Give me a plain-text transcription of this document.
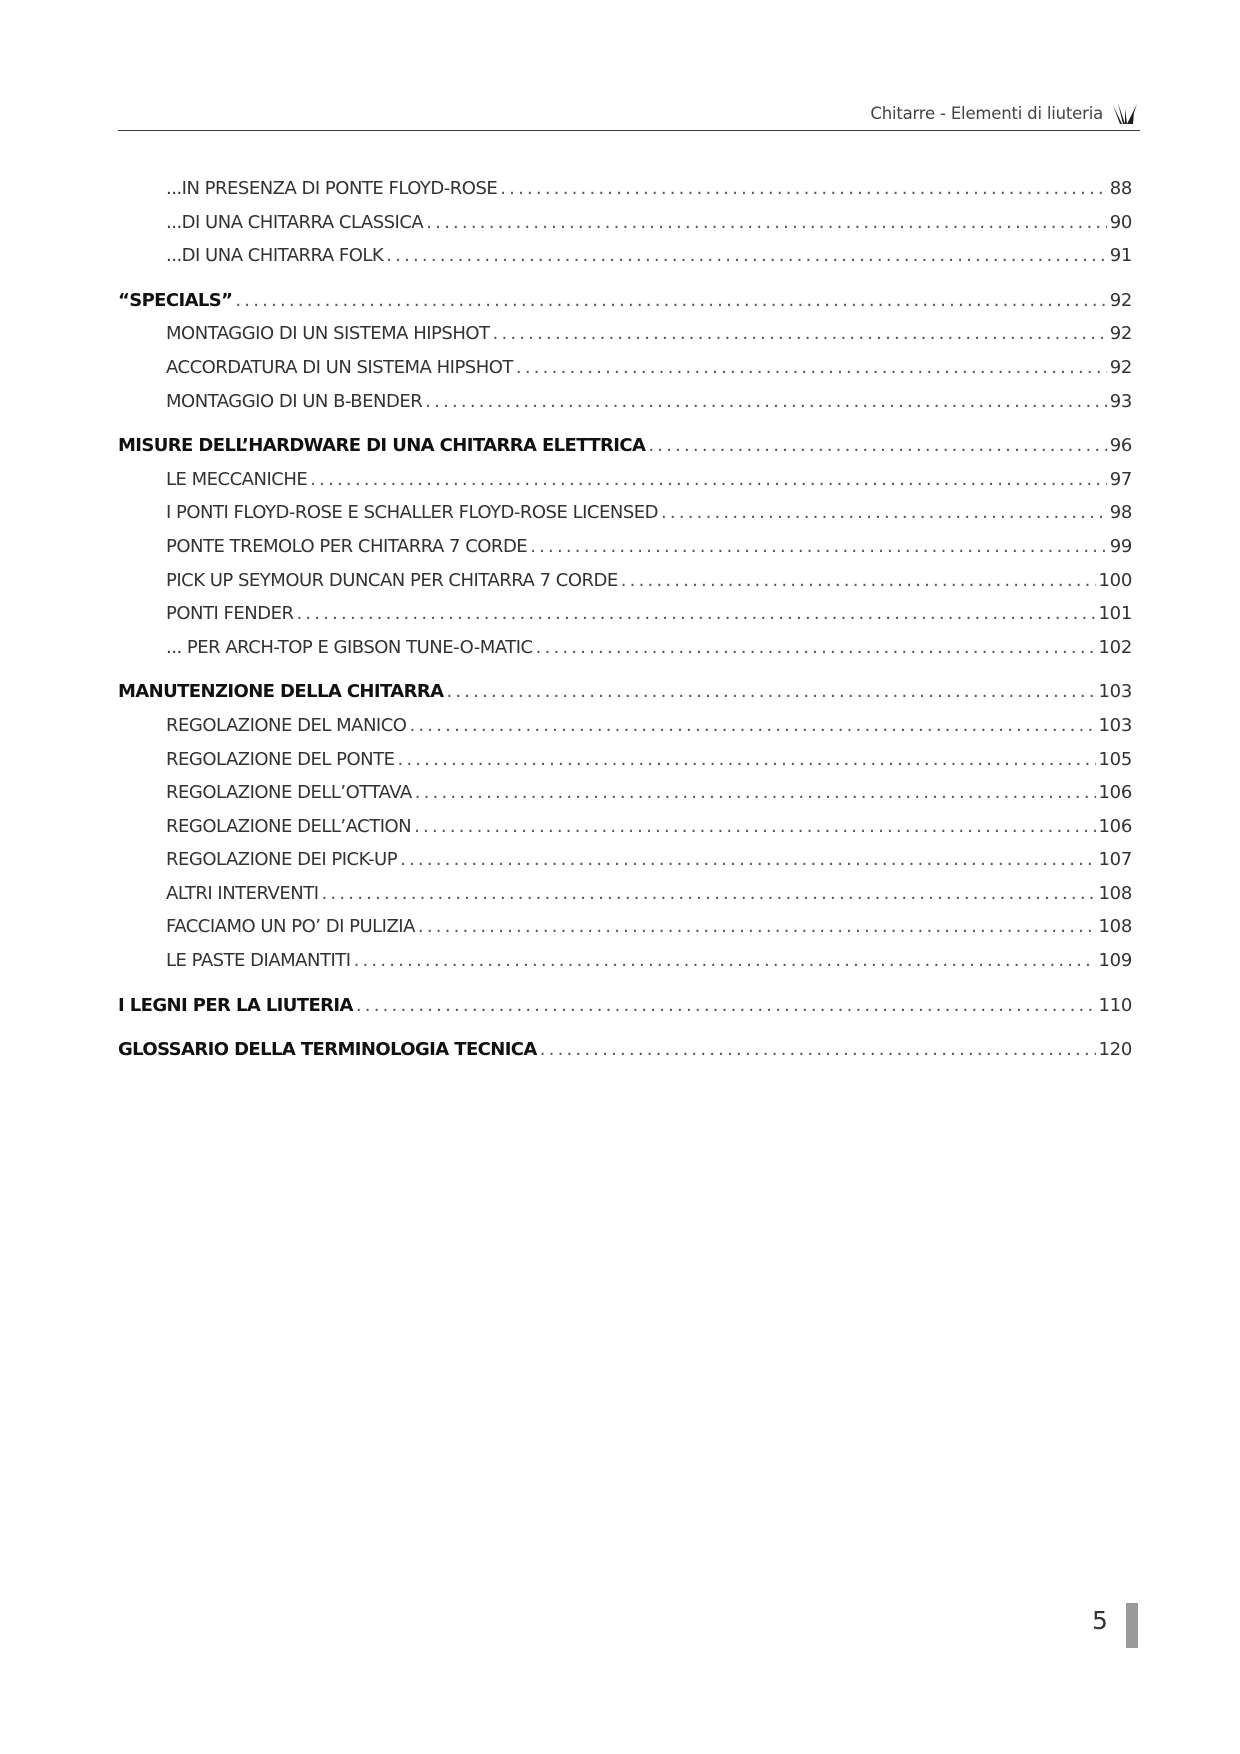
Chitarre - Elementi di liuteria
...IN PRESENZA DI PONTE FLOYD-ROSE .....	88
...DI UNA CHITARRA CLASSICA .....	90
...DI UNA CHITARRA FOLK .....	91
“SPECIALS” .....	92
MONTAGGIO DI UN SISTEMA HIPSHOT .....	92
ACCORDATURA DI UN SISTEMA HIPSHOT .....	92
MONTAGGIO DI UN B-BENDER .....	93
MISURE DELL’HARDWARE DI UNA CHITARRA ELETTRICA .....	96
LE MECCANICHE .....	97
I PONTI FLOYD-ROSE E SCHALLER FLOYD-ROSE LICENSED .....	98
PONTE TREMOLO PER CHITARRA 7 CORDE .....	99
PICK UP SEYMOUR DUNCAN PER CHITARRA 7 CORDE .....	100
PONTI FENDER .....	101
... PER ARCH-TOP E GIBSON TUNE-O-MATIC .....	102
MANUTENZIONE DELLA CHITARRA .....	103
REGOLAZIONE DEL MANICO .....	103
REGOLAZIONE DEL PONTE .....	105
REGOLAZIONE DELL’OTTAVA .....	106
REGOLAZIONE DELL’ACTION .....	106
REGOLAZIONE DEI PICK-UP .....	107
ALTRI INTERVENTI .....	108
FACCIAMO UN PO’ DI PULIZIA .....	108
LE PASTE DIAMANTITI .....	109
I LEGNI PER LA LIUTERIA .....	110
GLOSSARIO DELLA TERMINOLOGIA TECNICA .....	120
5
